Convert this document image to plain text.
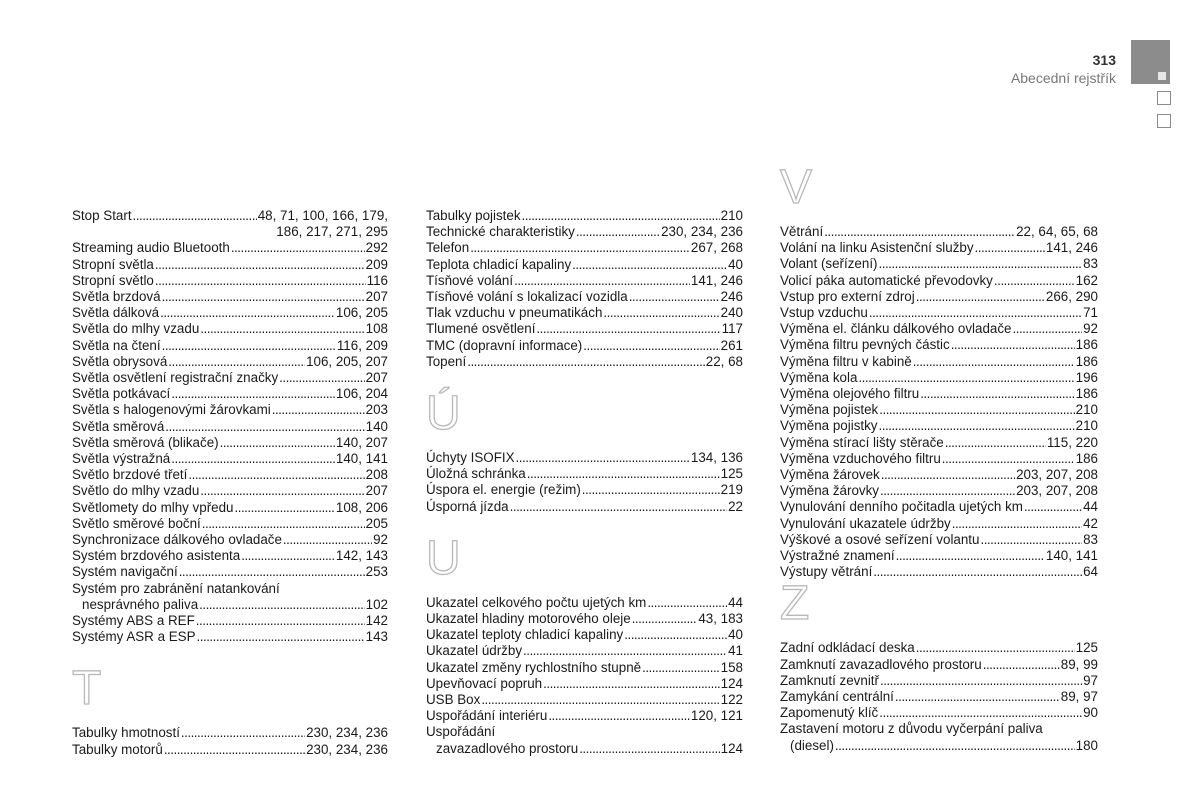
313
Abecední rejstřík
Stop Start .....	48, 71, 100, 166, 179,
186, 217, 271, 295
Streaming audio Bluetooth .....	292
Stropní světla .....	209
Stropní světlo .....	116
Světla brzdová .....	207
Světla dálková .....	106, 205
Světla do mlhy vzadu .....	108
Světla na čtení .....	116, 209
Světla obrysová .....	106, 205, 207
Světla osvětlení registrační značky .....	207
Světla potkávací .....	106, 204
Světla s halogenovými žárovkami .....	203
Světla směrová .....	140
Světla směrová (blikače) .....	140, 207
Světla výstražná .....	140, 141
Světlo brzdové třetí .....	208
Světlo do mlhy vzadu .....	207
Světlomety do mlhy vpředu .....	108, 206
Světlo směrové boční .....	205
Synchronizace dálkového ovladače .....	92
Systém brzdového asistenta .....	142, 143
Systém navigační .....	253
Systém pro zabránění natankování
nesprávného paliva .....	102
Systémy ABS a REF .....	142
Systémy ASR a ESP .....	143
T
Tabulky hmotností .....	230, 234, 236
Tabulky motorů .....	230, 234, 236
Tabulky pojistek .....	210
Technické charakteristiky .....	230, 234, 236
Telefon .....	267, 268
Teplota chladicí kapaliny .....	40
Tísňové volání .....	141, 246
Tísňové volání s lokalizací vozidla .....	246
Tlak vzduchu v pneumatikách .....	240
Tlumené osvětlení .....	117
TMC (dopravní informace) .....	261
Topení .....	22, 68
Ú
Úchyty ISOFIX .....	134, 136
Úložná schránka .....	125
Úspora el. energie (režim) .....	219
Úsporná jízda .....	22
U
Ukazatel celkového počtu ujetých km .....	44
Ukazatel hladiny motorového oleje .....	43, 183
Ukazatel teploty chladicí kapaliny .....	40
Ukazatel údržby .....	41
Ukazatel změny rychlostního stupně .....	158
Upevňovací popruh .....	124
USB Box .....	122
Uspořádání interiéru .....	120, 121
Uspořádání
zavazadlového prostoru .....	124
V
Větrání .....	22, 64, 65, 68
Volání na linku Asistenční služby .....	141, 246
Volant (seřízení) .....	83
Volicí páka automatické převodovky .....	162
Vstup pro externí zdroj .....	266, 290
Vstup vzduchu .....	71
Výměna el. článku dálkového ovladače .....	92
Výměna filtru pevných částic .....	186
Výměna filtru v kabině .....	186
Výměna kola .....	196
Výměna olejového filtru .....	186
Výměna pojistek .....	210
Výměna pojistky .....	210
Výměna stírací lišty stěrače .....	115, 220
Výměna vzduchového filtru .....	186
Výměna žárovek .....	203, 207, 208
Výměna žárovky .....	203, 207, 208
Vynulování denního počitadla ujetých km .....	44
Vynulování ukazatele údržby .....	42
Výškové a osové seřízení volantu .....	83
Výstražné znamení .....	140, 141
Výstupy větrání .....	64
Z
Zadní odkládací deska .....	125
Zamknutí zavazadlového prostoru .....	89, 99
Zamknutí zevnitř .....	97
Zamykání centrální .....	89, 97
Zapomenutý klíč .....	90
Zastavení motoru z důvodu vyčerpání paliva
(diesel) .....	180
